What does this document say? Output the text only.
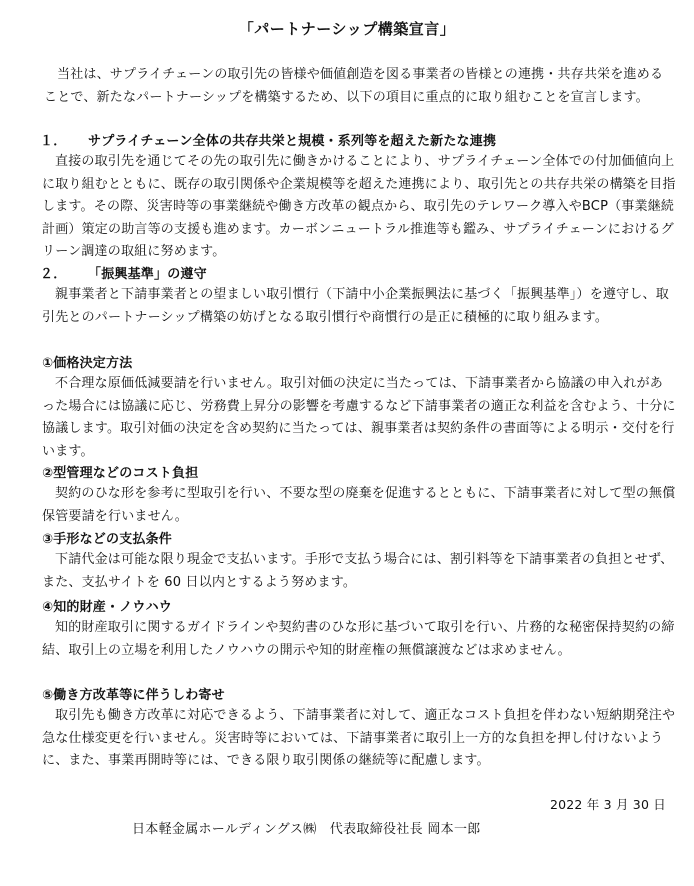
「パートナーシップ構築宣言」
当社は、サプライチェーンの取引先の皆様や価値創造を図る事業者の皆様との連携・共存共栄を進めることで、新たなパートナーシップを構築するため、以下の項目に重点的に取り組むことを宣言します。
１． サプライチェーン全体の共存共栄と規模・系列等を超えた新たな連携
直接の取引先を通じてその先の取引先に働きかけることにより、サプライチェーン全体での付加価値向上に取り組むとともに、既存の取引関係や企業規模等を超えた連携により、取引先との共存共栄の構築を目指します。その際、災害時等の事業継続や働き方改革の観点から、取引先のテレワーク導入やBCP（事業継続計画）策定の助言等の支援も進めます。カーボンニュートラル推進等も鑑み、サプライチェーンにおけるグリーン調達の取組に努めます。
２． 「振興基準」の遵守
親事業者と下請事業者との望ましい取引慣行（下請中小企業振興法に基づく「振興基準」）を遵守し、取引先とのパートナーシップ構築の妨げとなる取引慣行や商慣行の是正に積極的に取り組みます。
①価格決定方法
不合理な原価低減要請を行いません。取引対価の決定に当たっては、下請事業者から協議の申入れがあった場合には協議に応じ、労務費上昇分の影響を考慮するなど下請事業者の適正な利益を含むよう、十分に協議します。取引対価の決定を含め契約に当たっては、親事業者は契約条件の書面等による明示・交付を行います。
②型管理などのコスト負担
契約のひな形を参考に型取引を行い、不要な型の廃棄を促進するとともに、下請事業者に対して型の無償保管要請を行いません。
③手形などの支払条件
下請代金は可能な限り現金で支払います。手形で支払う場合には、割引料等を下請事業者の負担とせず、また、支払サイトを 60 日以内とするよう努めます。
④知的財産・ノウハウ
知的財産取引に関するガイドラインや契約書のひな形に基づいて取引を行い、片務的な秘密保持契約の締結、取引上の立場を利用したノウハウの開示や知的財産権の無償譲渡などは求めません。
⑤働き方改革等に伴うしわ寄せ
取引先も働き方改革に対応できるよう、下請事業者に対して、適正なコスト負担を伴わない短納期発注や急な仕様変更を行いません。災害時等においては、下請事業者に取引上一方的な負担を押し付けないように、また、事業再開時等には、できる限り取引関係の継続等に配慮します。
2022 年 3 月 30 日
日本軽金属ホールディングス㈱　代表取締役社長 岡本一郎
